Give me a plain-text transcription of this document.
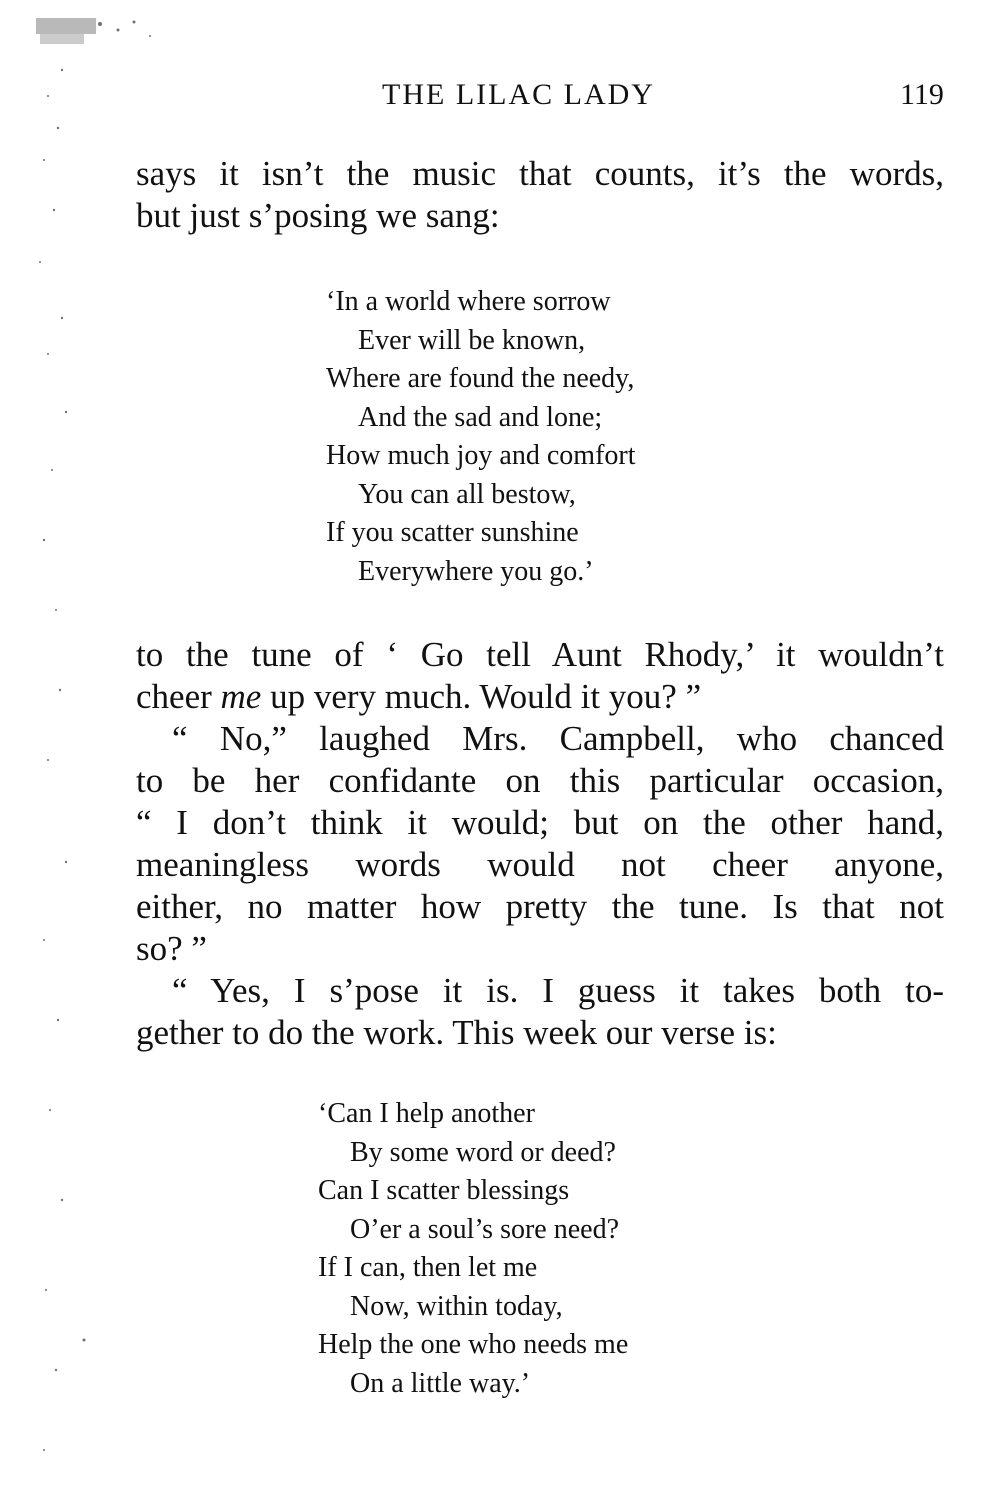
THE LILAC LADY	119
says it isn’t the music that counts, it’s the words,
but just s’posing we sang:
‘In a world where sorrow
Ever will be known,
Where are found the needy,
And the sad and lone;
How much joy and comfort
You can all bestow,
If you scatter sunshine
Everywhere you go.’
to the tune of ‘ Go tell Aunt Rhody,’ it wouldn’t
cheer me up very much. Would it you? ”
“ No,” laughed Mrs. Campbell, who chanced
to be her confidante on this particular occasion,
“ I don’t think it would; but on the other hand,
meaningless words would not cheer anyone,
either, no matter how pretty the tune. Is that not
so? ”
“ Yes, I s’pose it is. I guess it takes both to-
gether to do the work. This week our verse is:
‘Can I help another
By some word or deed?
Can I scatter blessings
O’er a soul’s sore need?
If I can, then let me
Now, within today,
Help the one who needs me
On a little way.’
